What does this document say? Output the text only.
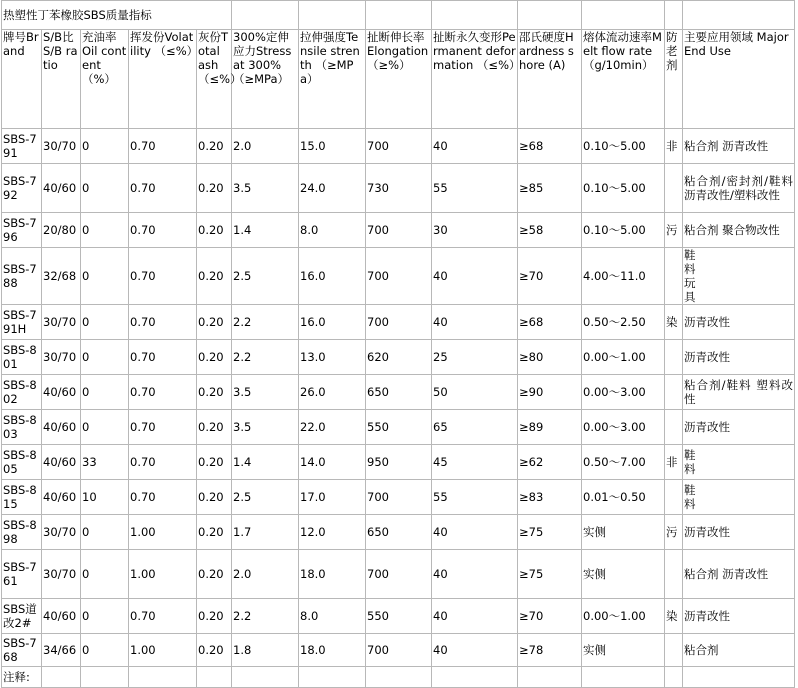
热塑性丁苯橡胶SBS质量指标												
牌号Brand	S/B比 S/B ratio	充油率 Oil content （%）	挥发份Volatility （≤%）	灰份Total ash （≤%）	300%定伸应力Stress at 300%（≥MPa）	拉伸强度Tensile strenth （≥MPa）	扯断伸长率Elongation （≥%）	扯断永久变形Permanent deformation （≤%）	邵氏硬度Hardness shore (A)	熔体流动速率Melt flow rate （g/10min）	防老剂	主要应用领域 Major End Use
SBS-791	30/70	0	0.70	0.20	2.0	15.0	700	40	≥68	0.10～5.00	非	粘合剂 沥青改性
SBS-792	40/60	0	0.70	0.20	3.5	24.0	730	55	≥85	0.10～5.00		粘合剂/密封剂/鞋料 沥青改性/塑料改性
SBS-796	20/80	0	0.70	0.20	1.4	8.0	700	30	≥58	0.10～5.00	污	粘合剂 聚合物改性
SBS-788	32/68	0	0.70	0.20	2.5	16.0	700	40	≥70	4.00～11.0		鞋料玩具

SBS-791H	30/70	0	0.70	0.20	2.2	16.0	700	40	≥68	0.50～2.50	染	沥青改性
SBS-801	30/70	0	0.70	0.20	2.2	13.0	620	25	≥80	0.00～1.00		沥青改性
SBS-802	40/60	0	0.70	0.20	3.5	26.0	650	50	≥90	0.00～3.00		粘合剂/鞋料 塑料改性
SBS-803	40/60	0	0.70	0.20	3.5	22.0	550	65	≥89	0.00～3.00		沥青改性
SBS-805	40/60	33	0.70	0.20	1.4	14.0	950	45	≥62	0.50～7.00	非	鞋料

SBS-815	40/60	10	0.70	0.20	2.5	17.0	700	55	≥83	0.01～0.50		鞋料

SBS-898	30/70	0	1.00	0.20	1.7	12.0	650	40	≥75	实侧	污	沥青改性
SBS-761	30/70	0	1.00	0.20	2.0	18.0	700	40	≥75	实侧		粘合剂 沥青改性
SBS道改2#	40/60	0	0.70	0.20	2.2	8.0	550	40	≥70	0.00～1.00	染	沥青改性
SBS-768	34/66	0	1.00	0.20	1.8	18.0	700	40	≥78	实侧		粘合剂
注释:												
